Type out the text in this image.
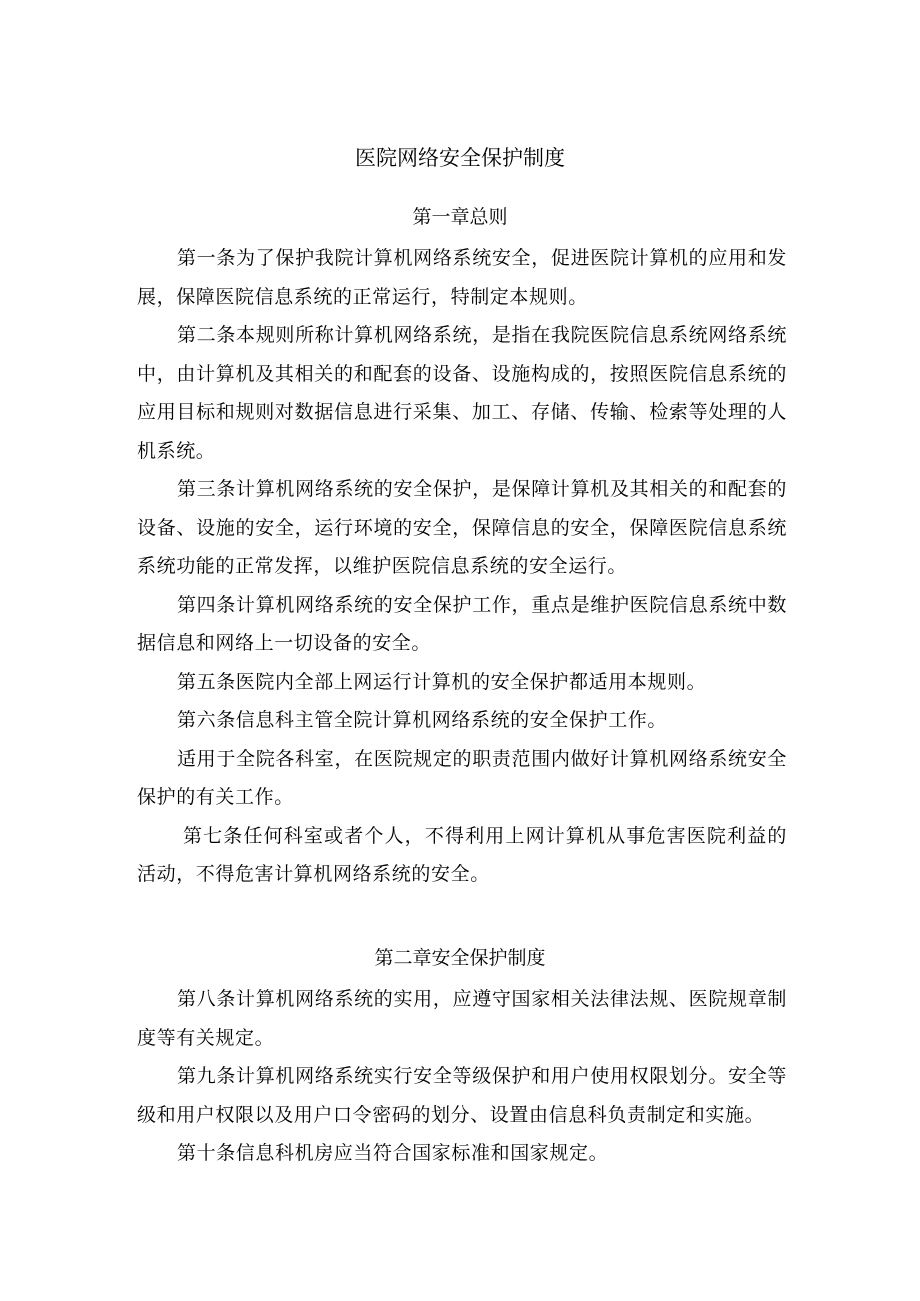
医院网络安全保护制度
第一章总则

第一条为了保护我院计算机网络系统安全，促进医院计算机的应用和发展，保障医院信息系统的正常运行，特制定本规则。

第二条本规则所称计算机网络系统，是指在我院医院信息系统网络系统中，由计算机及其相关的和配套的设备、设施构成的，按照医院信息系统的应用目标和规则对数据信息进行采集、加工、存储、传输、检索等处理的人机系统。

第三条计算机网络系统的安全保护，是保障计算机及其相关的和配套的设备、设施的安全，运行环境的安全，保障信息的安全，保障医院信息系统系统功能的正常发挥，以维护医院信息系统的安全运行。

第四条计算机网络系统的安全保护工作，重点是维护医院信息系统中数据信息和网络上一切设备的安全。

第五条医院内全部上网运行计算机的安全保护都适用本规则。

第六条信息科主管全院计算机网络系统的安全保护工作。

适用于全院各科室，在医院规定的职责范围内做好计算机网络系统安全保护的有关工作。

第七条任何科室或者个人，不得利用上网计算机从事危害医院利益的活动，不得危害计算机网络系统的安全。

第二章安全保护制度

第八条计算机网络系统的实用，应遵守国家相关法律法规、医院规章制度等有关规定。

第九条计算机网络系统实行安全等级保护和用户使用权限划分。安全等级和用户权限以及用户口令密码的划分、设置由信息科负责制定和实施。

第十条信息科机房应当符合国家标准和国家规定。
